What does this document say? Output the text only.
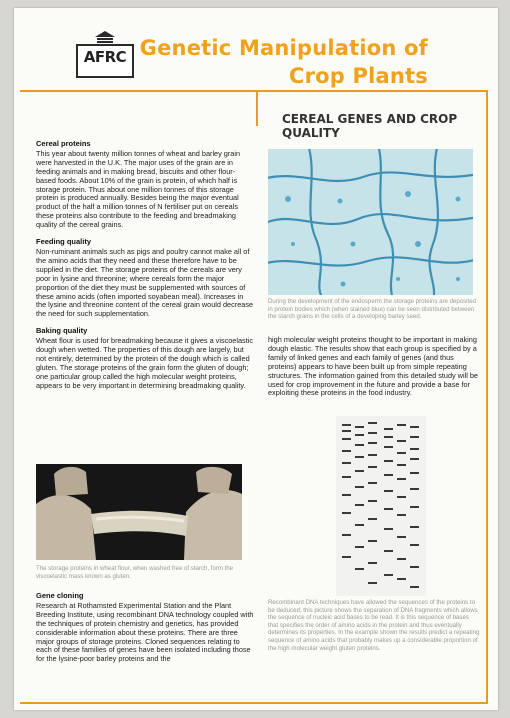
AFRC Genetic Manipulation of
Crop Plants
CEREAL GENES AND CROP QUALITY
Cereal proteins

This year about twenty million tonnes of wheat and barley grain were harvested in the U.K. The major uses of the grain are in feeding animals and in making bread, biscuits and other flour-based foods. About 10% of the grain is protein, of which half is storage protein. Thus about one million tonnes of this storage protein is produced annually. Besides being the major eventual product of the half a million tonnes of N fertiliser put on cereals these proteins also contribute to the feeding and breadmaking quality of the cereal grains.

Feeding quality

Non-ruminant animals such as pigs and poultry cannot make all of the amino acids that they need and these therefore have to be supplied in the diet. The storage proteins of the cereals are very poor in lysine and threonine; where cereals form the major proportion of the diet they must be supplemented with sources of these amino acids (often imported soyabean meal). Increases in the lysine and threonine content of the cereal grain would decrease the need for such supplementation.

Baking quality

Wheat flour is used for breadmaking because it gives a viscoelastic dough when wetted. The properties of this dough are largely, but not entirely, determined by the protein of the dough which is called gluten. The storage proteins of the grain form the gluten of dough; one particular group called the high molecular weight proteins, appears to be very important in determining breadmaking quality.

The storage proteins in wheat flour, when washed free of starch, form the viscoelastic mass known as gluten.
Gene cloning

Research at Rothamsted Experimental Station and the Plant Breeding Institute, using recombinant DNA technology coupled with the techniques of protein chemistry and genetics, has provided considerable information about these proteins. There are three major groups of storage proteins. Cloned sequences relating to each of these families of genes have been isolated including those for the lysine-poor barley proteins and the

During the development of the endosperm the storage proteins are deposited in protein bodies which (when stained blue) can be seen distributed between the starch grains in the cells of a developing barley seed.

high molecular weight proteins thought to be important in making dough elastic. The results show that each group is specified by a family of linked genes and each family of genes (and thus proteins) appears to have been built up from simple repeating structures. The information gained from this detailed study will be used for crop improvement in the future and provide a base for exploiting these proteins in the food industry.

Recombinant DNA techniques have allowed the sequences of the proteins to be deduced; this picture shows the separation of DNA fragments which allows the sequence of nucleic acid bases to be read. It is this sequence of bases that specifies the order of amino acids in the protein and thus eventually determines its properties. In the example shown the results predict a repeating sequence of amino acids that probably makes up a considerable proportion of the high molecular weight gluten proteins.
